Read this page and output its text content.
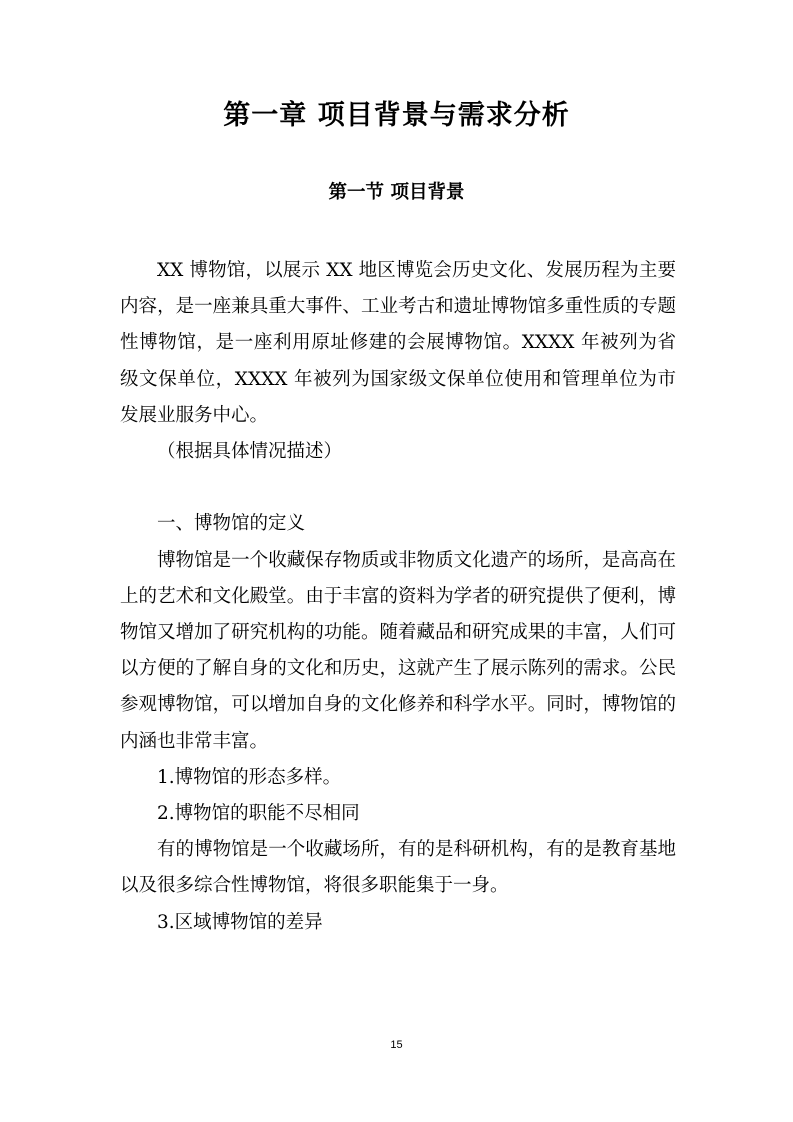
第一章 项目背景与需求分析
第一节 项目背景

XX 博物馆，以展示 XX 地区博览会历史文化、发展历程为主要内容，是一座兼具重大事件、工业考古和遗址博物馆多重性质的专题性博物馆，是一座利用原址修建的会展博物馆。XXXX 年被列为省级文保单位，XXXX 年被列为国家级文保单位使用和管理单位为市发展业服务中心。

（根据具体情况描述）

一、博物馆的定义

博物馆是一个收藏保存物质或非物质文化遗产的场所，是高高在上的艺术和文化殿堂。由于丰富的资料为学者的研究提供了便利，博物馆又增加了研究机构的功能。随着藏品和研究成果的丰富，人们可以方便的了解自身的文化和历史，这就产生了展示陈列的需求。公民参观博物馆，可以增加自身的文化修养和科学水平。同时，博物馆的内涵也非常丰富。

1.博物馆的形态多样。

2.博物馆的职能不尽相同

有的博物馆是一个收藏场所，有的是科研机构，有的是教育基地以及很多综合性博物馆，将很多职能集于一身。

3.区域博物馆的差异

15
